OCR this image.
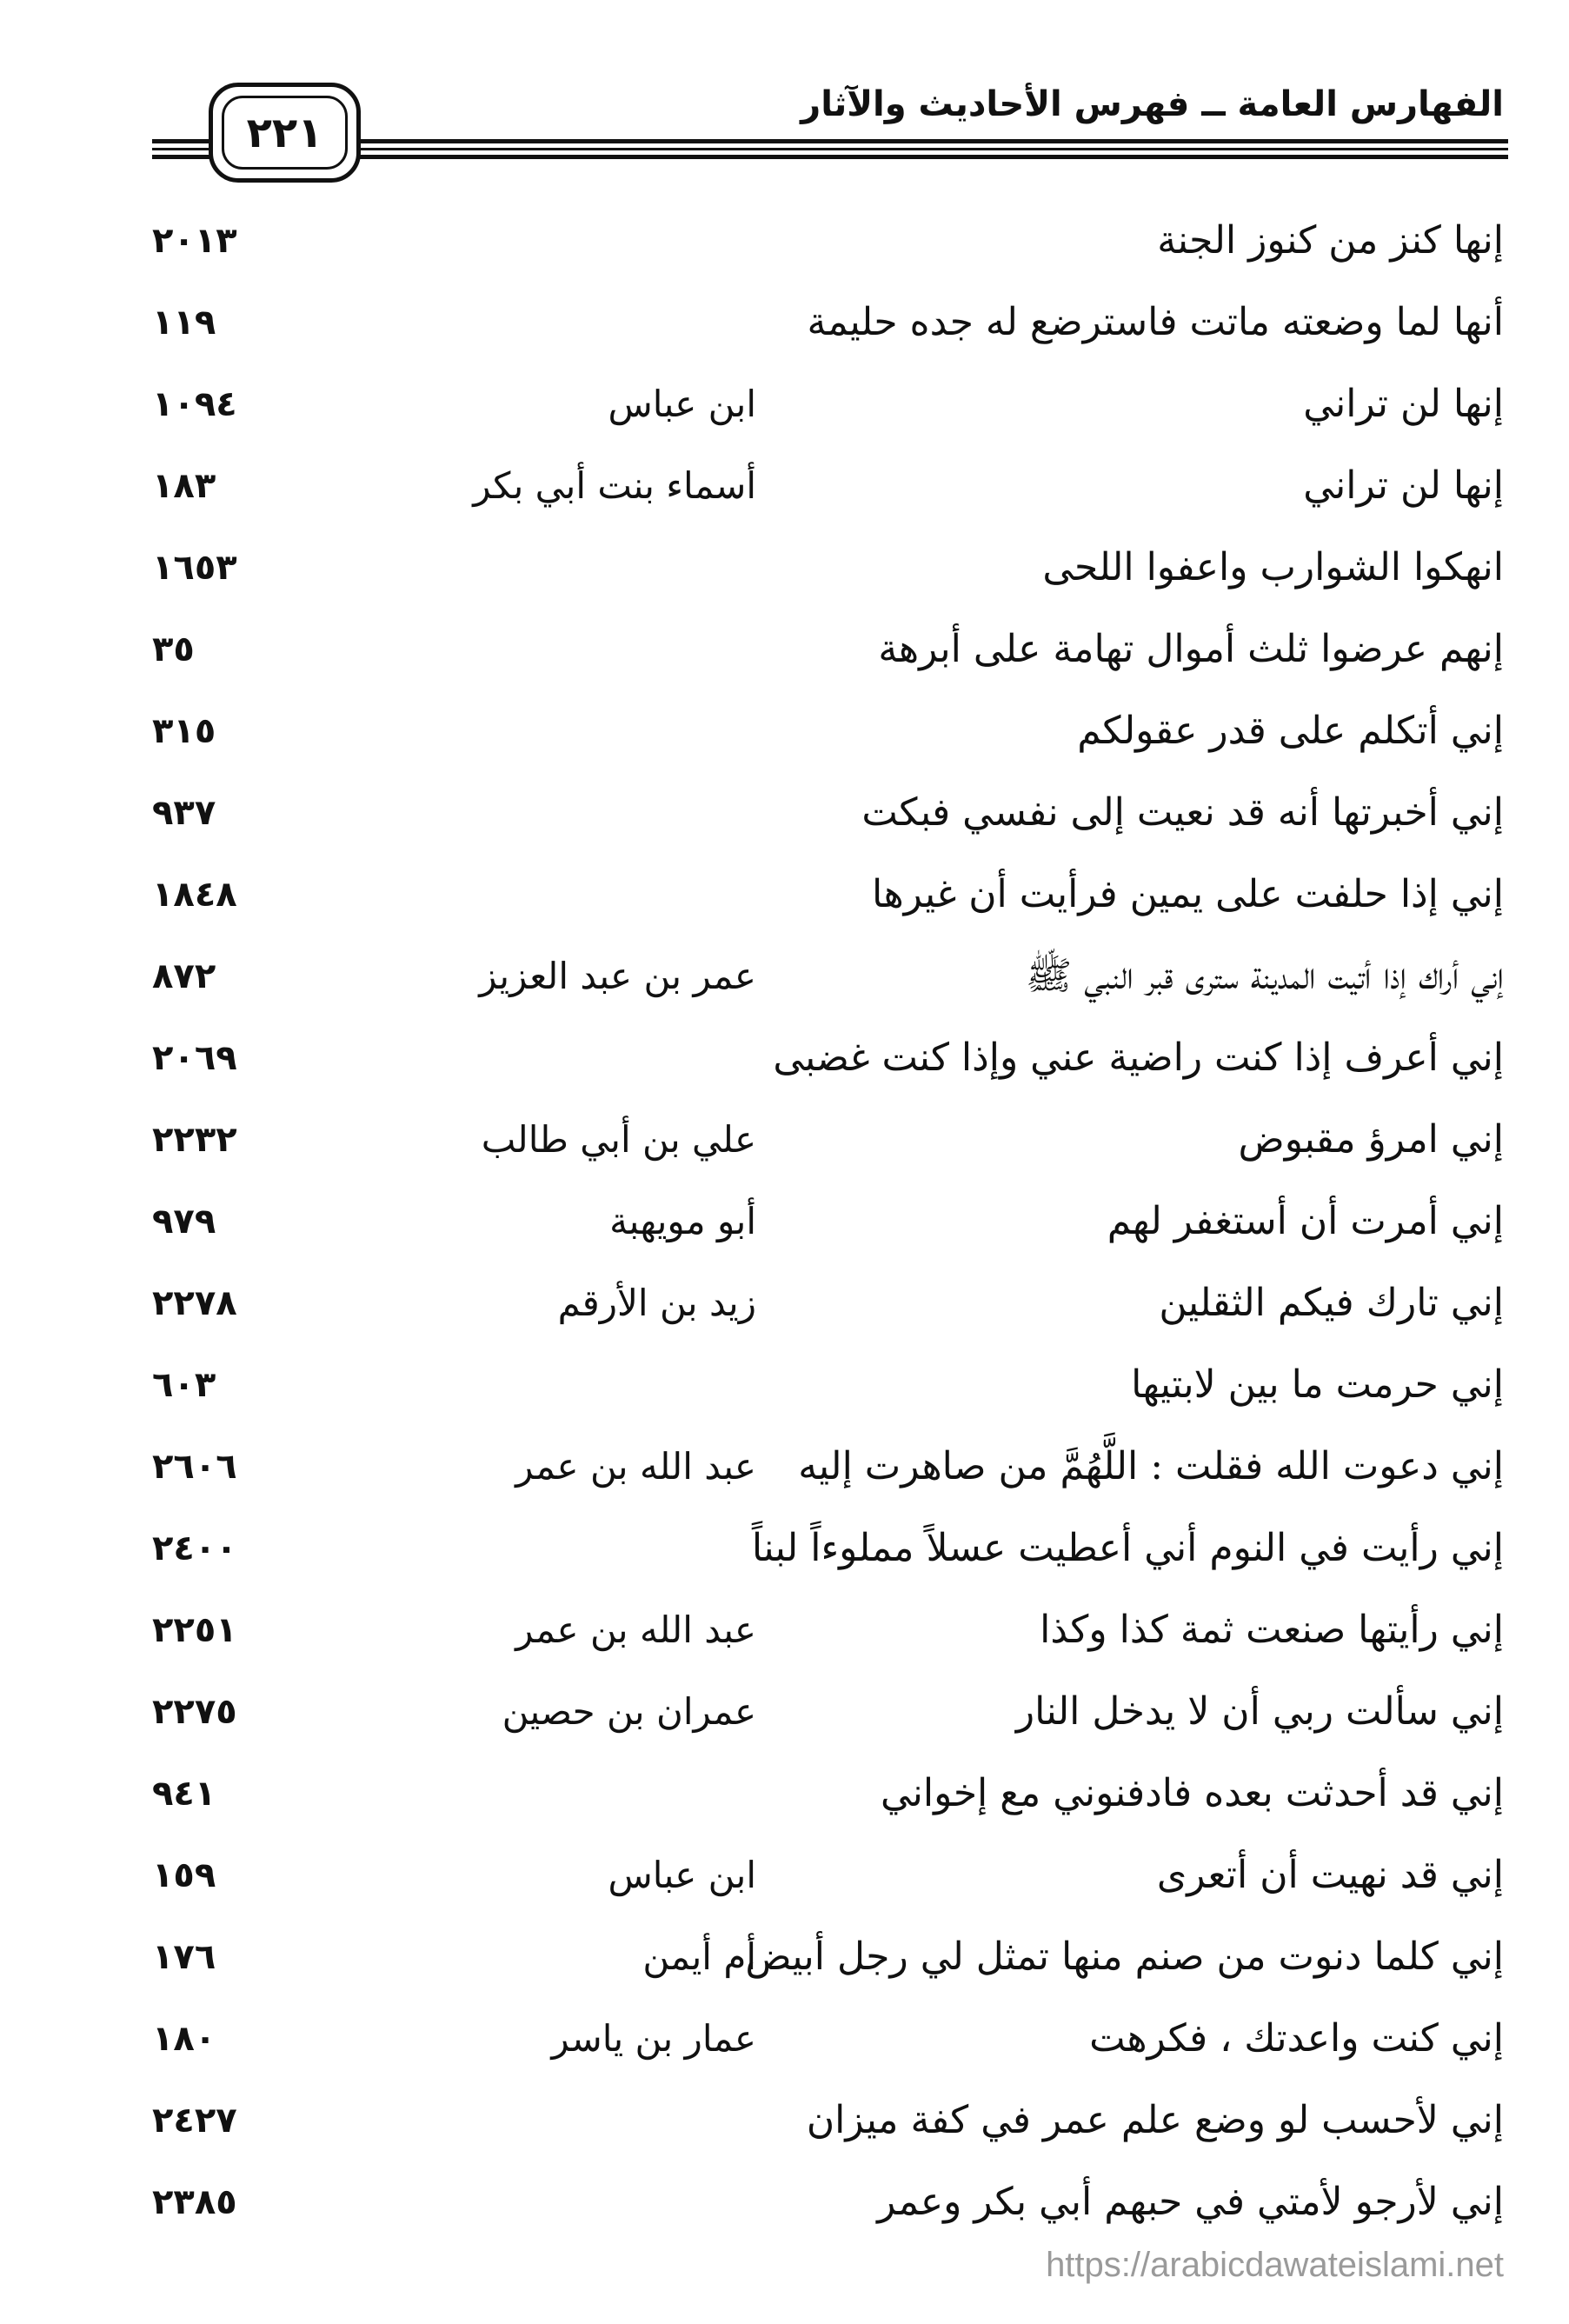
الفهارس العامة ــ فهرس الأحاديث والآثار
٢٢١
إنها كنز من كنوز الجنة
٢٠١٣
أنها لما وضعته ماتت فاسترضع له جده حليمة
١١٩
إنها لن تراني
ابن عباس
١٠٩٤
إنها لن تراني
أسماء بنت أبي بكر
١٨٣
انهكوا الشوارب واعفوا اللحى
١٦٥٣
إنهم عرضوا ثلث أموال تهامة على أبرهة
٣٥
إني أتكلم على قدر عقولكم
٣١٥
إني أخبرتها أنه قد نعيت إلى نفسي فبكت
٩٣٧
إني إذا حلفت على يمين فرأيت أن غيرها
١٨٤٨
إني أراك إذا أتيت المدينة سترى قبر النبي ﷺ
عمر بن عبد العزيز
٨٧٢
إني أعرف إذا كنت راضية عني وإذا كنت غضبى
٢٠٦٩
إني امرؤ مقبوض
علي بن أبي طالب
٢٢٣٢
إني أمرت أن أستغفر لهم
أبو مويهبة
٩٧٩
إني تارك فيكم الثقلين
زيد بن الأرقم
٢٢٧٨
إني حرمت ما بين لابتيها
٦٠٣
إني دعوت الله فقلت : اللَّهُمَّ من صاهرت إليه
عبد الله بن عمر
٢٦٠٦
إني رأيت في النوم أني أعطيت عسلاً مملوءاً لبناً
٢٤٠٠
إني رأيتها صنعت ثمة كذا وكذا
عبد الله بن عمر
٢٢٥١
إني سألت ربي أن لا يدخل النار
عمران بن حصين
٢٢٧٥
إني قد أحدثت بعده فادفنوني مع إخواني
٩٤١
إني قد نهيت أن أتعرى
ابن عباس
١٥٩
إني كلما دنوت من صنم منها تمثل لي رجل أبيض
أم أيمن
١٧٦
إني كنت واعدتك ، فكرهت
عمار بن ياسر
١٨٠
إني لأحسب لو وضع علم عمر في كفة ميزان
٢٤٢٧
إني لأرجو لأمتي في حبهم أبي بكر وعمر
٢٣٨٥
https://arabicdawateislami.net
